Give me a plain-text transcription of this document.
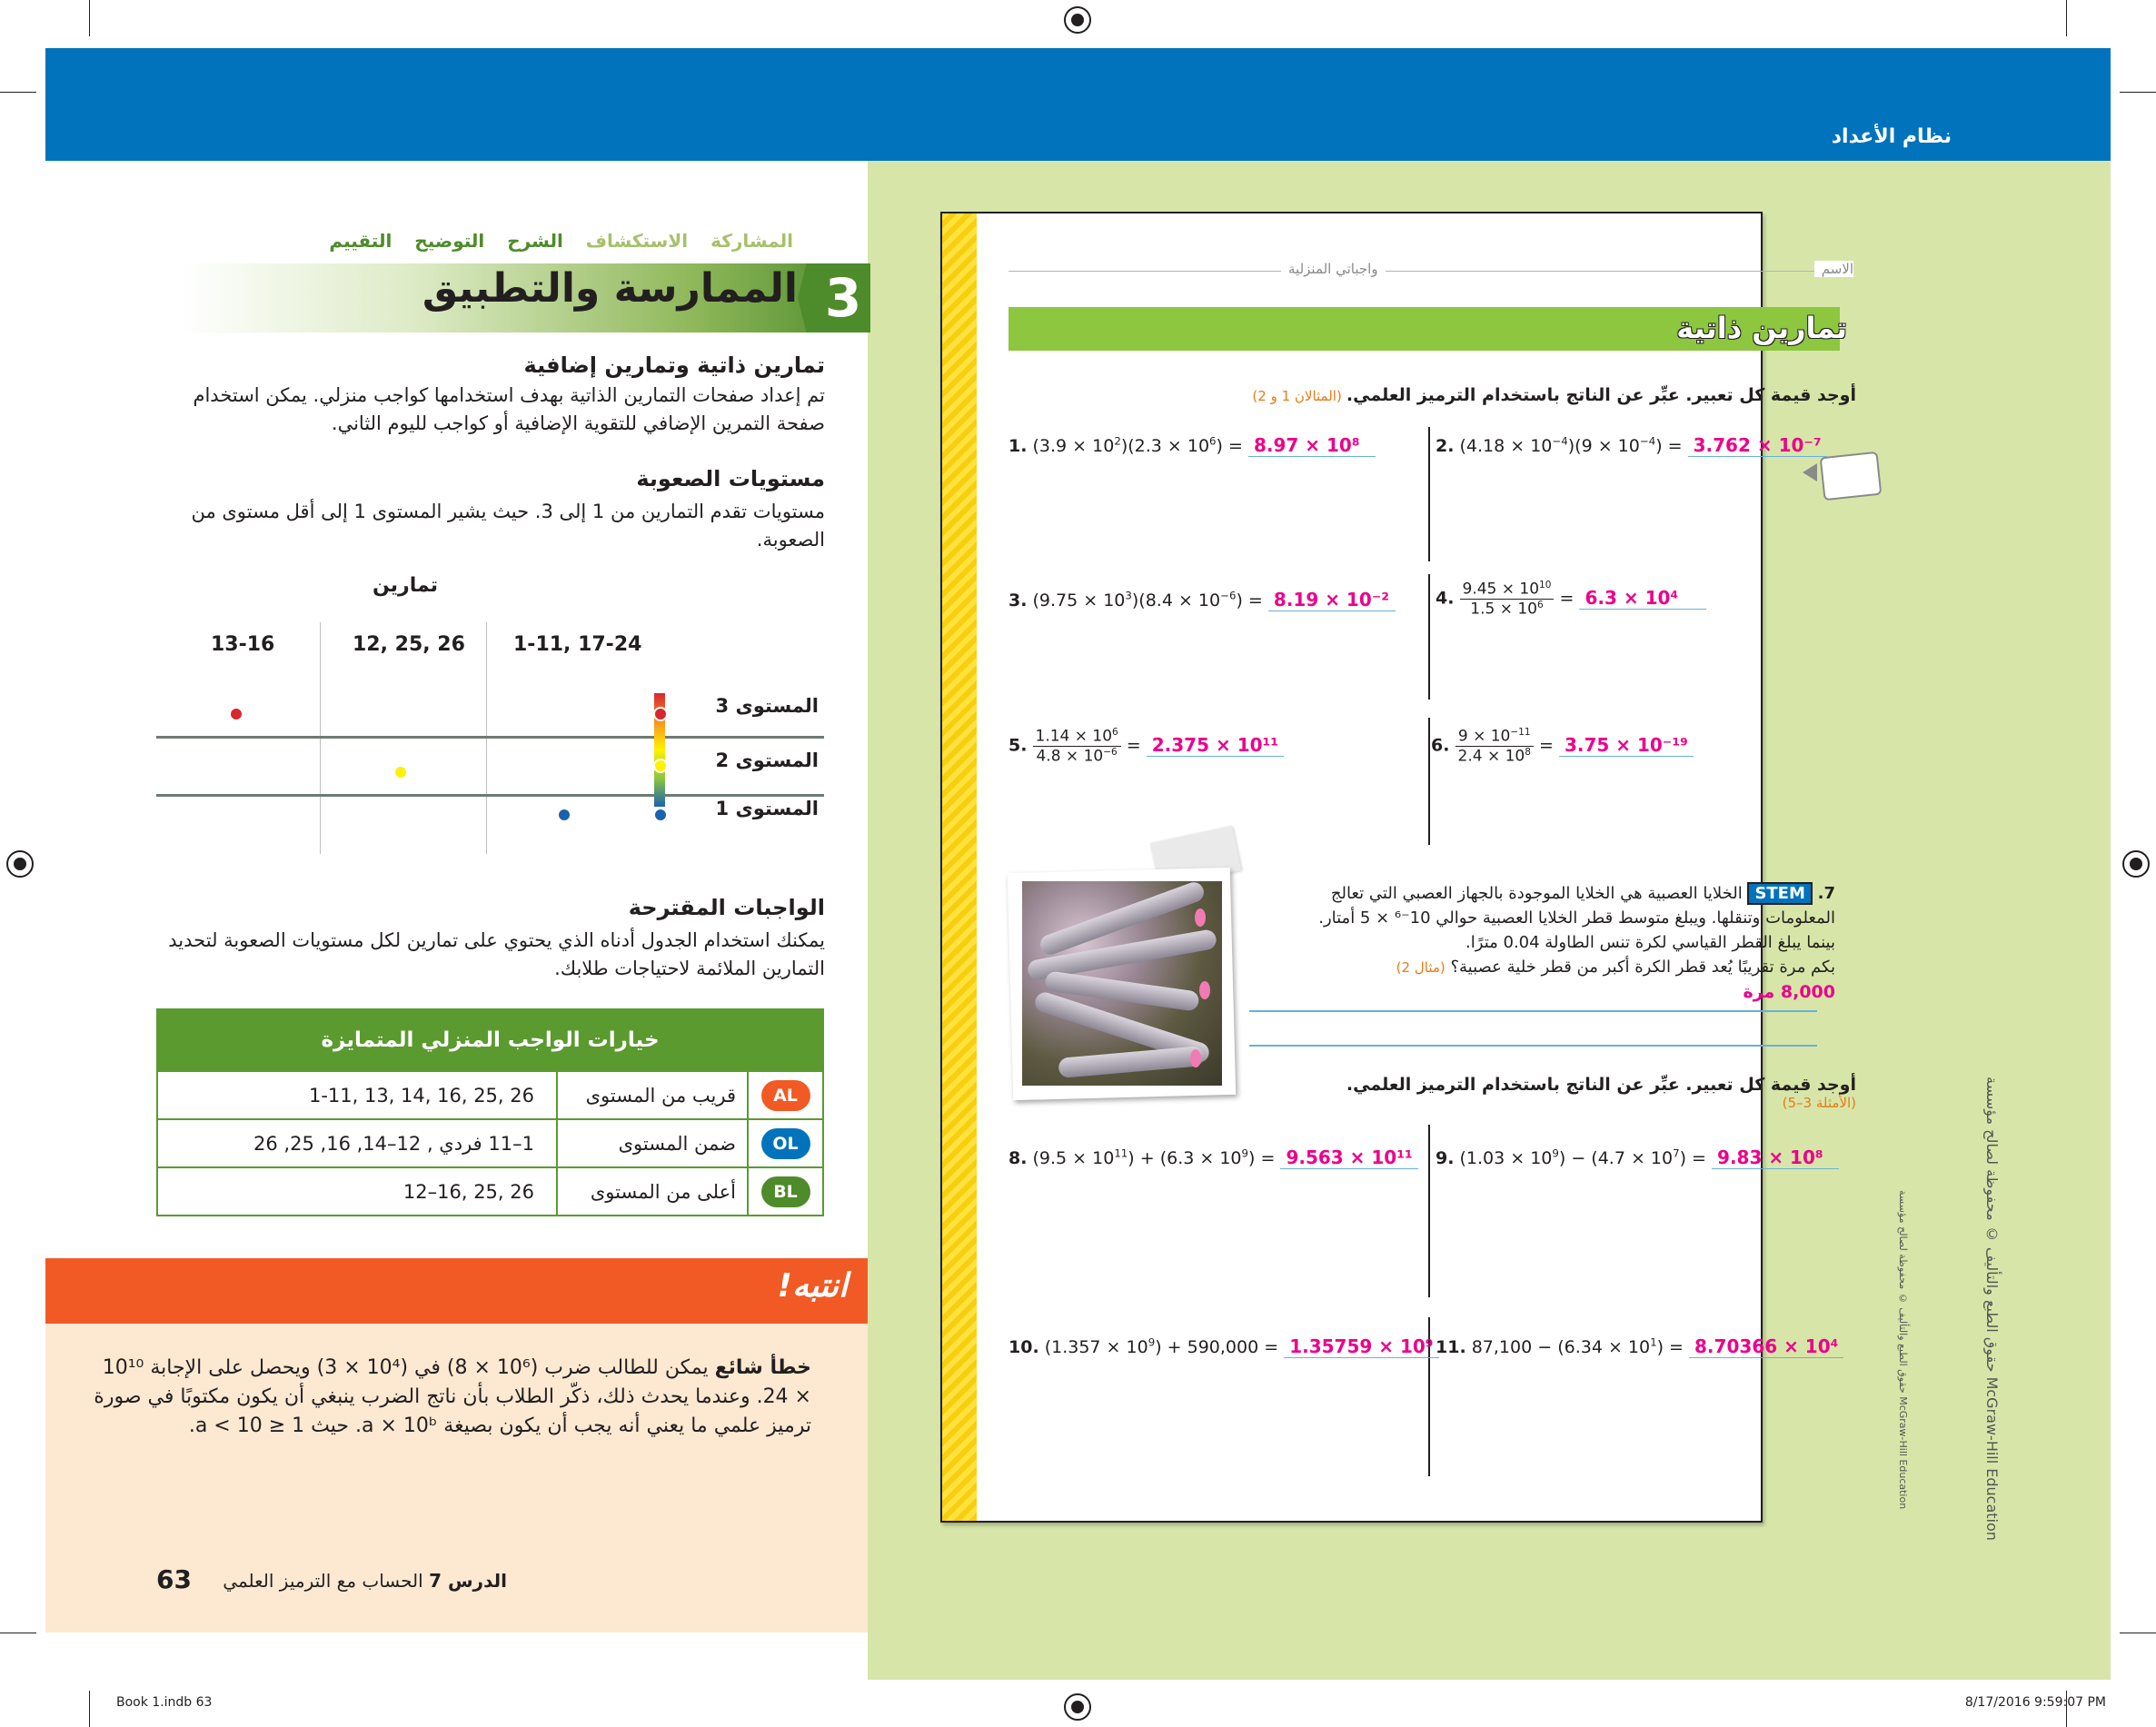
نظام الأعداد
المشاركة الاستكشاف الشرح التوضيح التقييم
3
الممارسة والتطبيق
تمارين ذاتية وتمارين إضافية
تم إعداد صفحات التمارين الذاتية بهدف استخدامها كواجب منزلي. يمكن استخدام صفحة التمرين الإضافي للتقوية الإضافية أو كواجب لليوم الثاني.
مستويات الصعوبة
مستويات تقدم التمارين من 1 إلى 3. حيث يشير المستوى 1 إلى أقل مستوى من الصعوبة.
تمارين
1-11, 17-24
12, 25, 26
13-16
المستوى 3
المستوى 2
المستوى 1
الواجبات المقترحة
يمكنك استخدام الجدول أدناه الذي يحتوي على تمارين لكل مستويات الصعوبة لتحديد التمارين الملائمة لاحتياجات طلابك.
خيارات الواجب المنزلي المتمايزة		
1-11, 13, 14, 16, 25, 26	قريب من المستوى	AL
1–11 فردي , 12–14, 16, 25, 26	ضمن المستوى	OL
12–16, 25, 26	أعلى من المستوى	BL
انتبه!
خطأ شائع يمكن للطالب ضرب (10⁶ × 8) في (10⁴ × 3) ويحصل على الإجابة 10¹⁰ × 24. وعندما يحدث ذلك، ذكّر الطلاب بأن ناتج الضرب ينبغي أن يكون مكتوبًا في صورة ترميز علمي ما يعني أنه يجب أن يكون بصيغة a × 10ᵇ. حيث 1 ≤ a < 10.
63	الدرس 7 الحساب مع الترميز العلمي
الاسم
واجباتي المنزلية
تمارين ذاتية
أوجد قيمة كل تعبير. عبِّر عن الناتج باستخدام الترميز العلمي. (المثالان 1 و 2)
1. $(3.9 \times 10^2)(2.3 \times 10^6) = 8.97 \times 10^8$	2. $(4.18 \times 10^{-4})(9 \times 10^{-4}) = 3.762 \times 10^{-7}$
3. $(9.75 \times 10^3)(8.4 \times 10^{-6}) = 8.19 \times 10^{-2}$	4. $\frac{9.45 \times 10^{10}}{1.5 \times 10^6} = 6.3 \times 10^4$
5. $\frac{1.14 \times 10^6}{4.8 \times 10^{-6}} = 2.375 \times 10^{11}$	6. $\frac{9 \times 10^{-11}}{2.4 \times 10^8} = 3.75 \times 10^{-19}$
7. STEM الخلايا العصبية هي الخلايا الموجودة بالجهاز العصبي التي تعالج
المعلومات وتنقلها. ويبلغ متوسط قطر الخلايا العصبية حوالي 10⁻⁶ × 5 أمتار.
بينما يبلغ القطر القياسي لكرة تنس الطاولة 0.04 مترًا.
بكم مرة تقريبًا يُعد قطر الكرة أكبر من قطر خلية عصبية؟ (مثال 2)
8,000 مرة
أوجد قيمة كل تعبير. عبِّر عن الناتج باستخدام الترميز العلمي.
(الأمثلة 3–5)
8. $(9.5 \times 10^{11}) + (6.3 \times 10^9) = 9.563 \times 10^{11}$	9. $(1.03 \times 10^9) - (4.7 \times 10^7) = 9.83 \times 10^8$
10. $(1.357 \times 10^9) + 590,000 = 1.35759 \times 10^9$ 11. $87,100 - (6.34 \times 10^1) = 8.70366 \times 10^4$	حقوق الطبع والتأليف © محفوظة لصالح مؤسسة McGraw-Hill Education
حقوق الطبع والتأليف © محفوظة لصالح مؤسسة McGraw-Hill Education
Book 1.indb 63	8/17/2016 9:59:07 PM
